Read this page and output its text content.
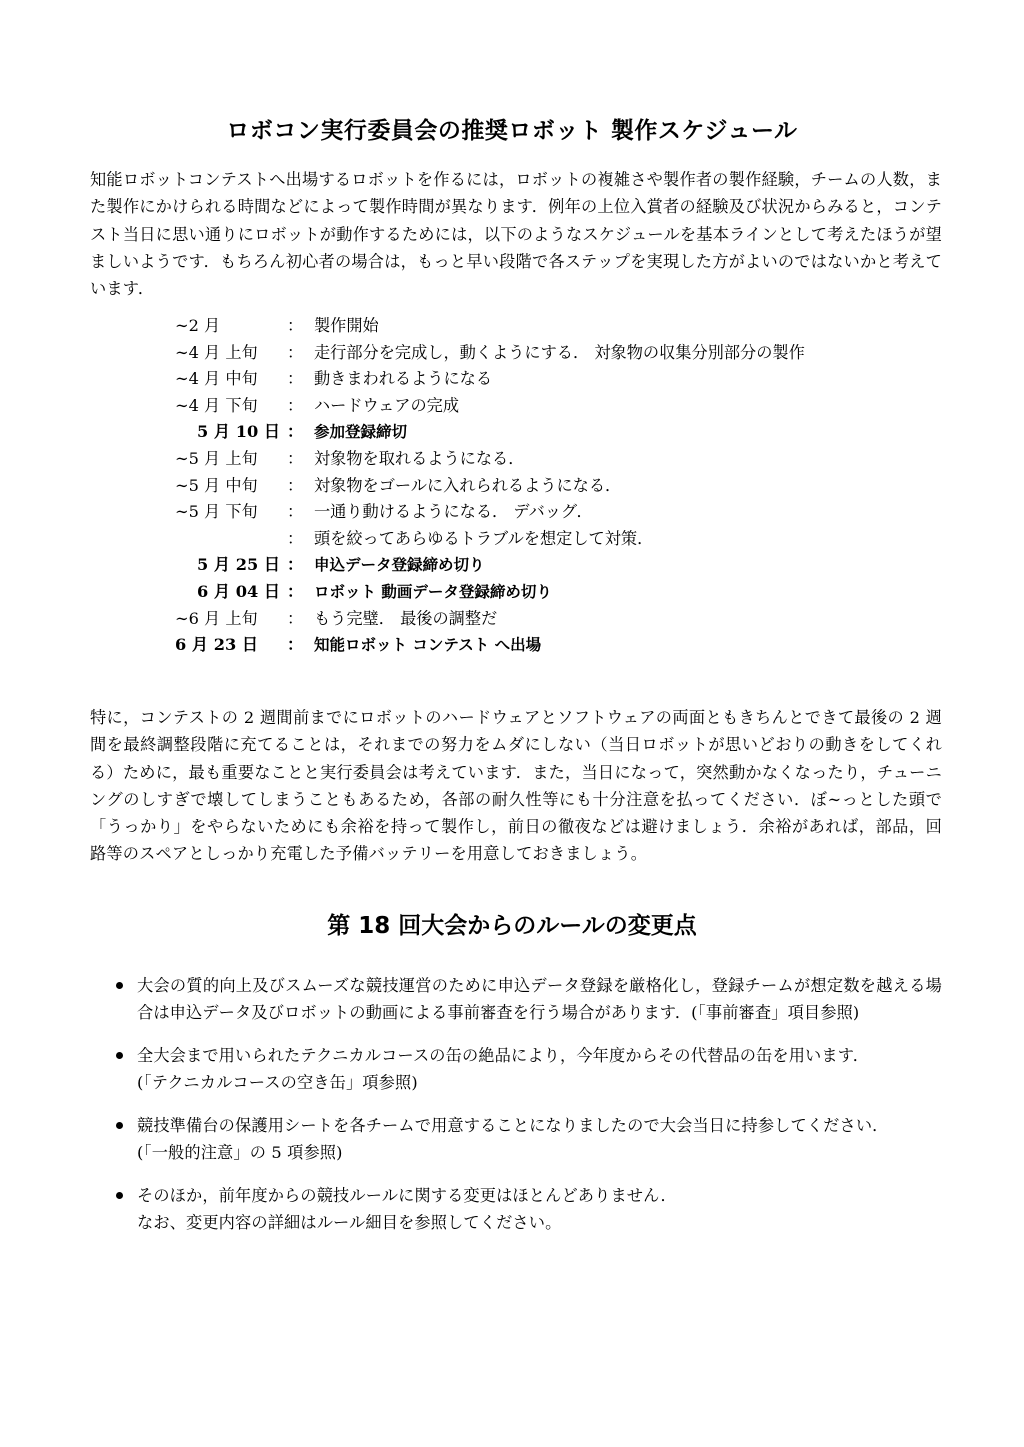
ロボコン実行委員会の推奨ロボット 製作スケジュール
知能ロボットコンテストへ出場するロボットを作るには，ロボットの複雑さや製作者の製作経験，チームの人数，また製作にかけられる時間などによって製作時間が異なります．例年の上位入賞者の経験及び状況からみると，コンテスト当日に思い通りにロボットが動作するためには，以下のようなスケジュールを基本ラインとして考えたほうが望ましいようです．もちろん初心者の場合は，もっと早い段階で各ステップを実現した方がよいのではないかと考えています．
∼2 月	： 製作開始
∼4 月 上旬	： 走行部分を完成し，動くようにする． 対象物の収集分別部分の製作
∼4 月 中旬	： 動きまわれるようになる
∼4 月 下旬	： ハードウェアの完成
5 月 10 日 ： 参加登録締切
∼5 月 上旬	： 対象物を取れるようになる．
∼5 月 中旬	： 対象物をゴールに入れられるようになる．
∼5 月 下旬	： 一通り動けるようになる． デバッグ．
： 頭を絞ってあらゆるトラブルを想定して対策．
5 月 25 日 ： 申込データ登録締め切り
6 月 04 日 ： ロボット 動画データ登録締め切り
∼6 月 上旬	： もう完璧． 最後の調整だ
6 月 23 日	： 知能ロボット コンテスト へ出場
特に，コンテストの 2 週間前までにロボットのハードウェアとソフトウェアの両面ともきちんとできて最後の 2 週間を最終調整段階に充てることは，それまでの努力をムダにしない（当日ロボットが思いどおりの動きをしてくれる）ために，最も重要なことと実行委員会は考えています．また，当日になって，突然動かなくなったり，チューニングのしすぎで壊してしまうこともあるため，各部の耐久性等にも十分注意を払ってください．ぼ∼っとした頭で「うっかり」をやらないためにも余裕を持って製作し，前日の徹夜などは避けましょう．余裕があれば，部品，回路等のスペアとしっかり充電した予備バッテリーを用意しておきましょう。
第 18 回大会からのルールの変更点
大会の質的向上及びスムーズな競技運営のために申込データ登録を厳格化し，登録チームが想定数を越える場合は申込データ及びロボットの動画による事前審査を行う場合があります．(「事前審査」項目参照)
全大会まで用いられたテクニカルコースの缶の絶品により，今年度からその代替品の缶を用います．
(「テクニカルコースの空き缶」項参照)
競技準備台の保護用シートを各チームで用意することになりましたので大会当日に持参してください．
(「一般的注意」の 5 項参照)
そのほか，前年度からの競技ルールに関する変更はほとんどありません．
なお、変更内容の詳細はルール細目を参照してください。
